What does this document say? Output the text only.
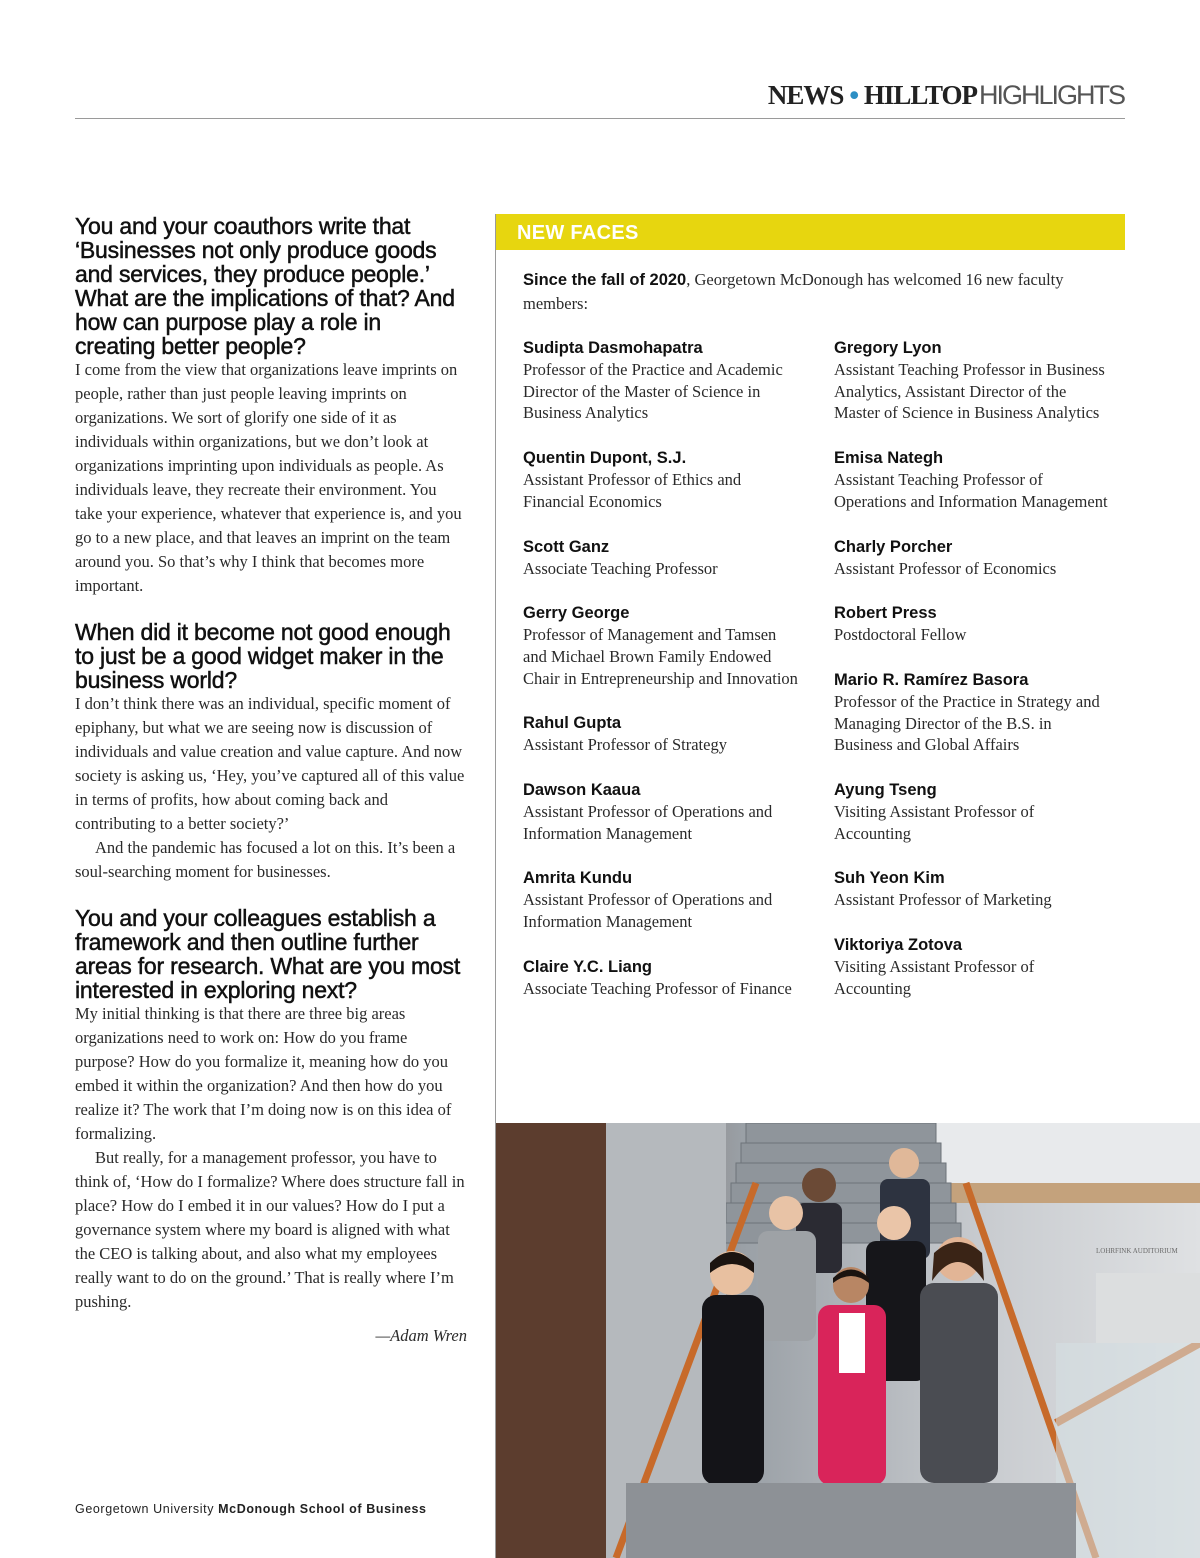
NEWS • HILLTOP HIGHLIGHTS
You and your coauthors write that ‘Businesses not only produce goods and services, they produce people.’ What are the implications of that? And how can purpose play a role in creating better people?

I come from the view that organizations leave imprints on people, rather than just people leaving imprints on organizations. We sort of glorify one side of it as individuals within organizations, but we don’t look at organizations imprinting upon individuals as people. As individuals leave, they recreate their environment. You take your experience, whatever that experience is, and you go to a new place, and that leaves an imprint on the team around you. So that’s why I think that becomes more important.

When did it become not good enough to just be a good widget maker in the business world?

I don’t think there was an individual, specific moment of epiphany, but what we are seeing now is discussion of individuals and value creation and value capture. And now society is asking us, ‘Hey, you’ve captured all of this value in terms of profits, how about coming back and contributing to a better society?’

And the pandemic has focused a lot on this. It’s been a soul-searching moment for businesses.

You and your colleagues establish a framework and then outline further areas for research. What are you most interested in exploring next?

My initial thinking is that there are three big areas organizations need to work on: How do you frame purpose? How do you formalize it, meaning how do you embed it within the organization? And then how do you realize it? The work that I’m doing now is on this idea of formalizing.

But really, for a management professor, you have to think of, ‘How do I formalize? Where does structure fall in place? How do I embed it in our values? How do I put a governance system where my board is aligned with what the CEO is talking about, and also what my employees really want to do on the ground.’ That is really where I’m pushing.

—Adam Wren
Georgetown University McDonough School of Business
NEW FACES
Since the fall of 2020, Georgetown McDonough has welcomed 16 new faculty members:
Sudipta Dasmohapatra
Professor of the Practice and Academic Director of the Master of Science in Business Analytics
Quentin Dupont, S.J.
Assistant Professor of Ethics and Financial Economics
Scott Ganz
Associate Teaching Professor
Gerry George
Professor of Management and Tamsen and Michael Brown Family Endowed Chair in Entrepreneurship and Innovation
Rahul Gupta
Assistant Professor of Strategy
Dawson Kaaua
Assistant Professor of Operations and Information Management
Amrita Kundu
Assistant Professor of Operations and Information Management
Claire Y.C. Liang
Associate Teaching Professor of Finance
Gregory Lyon
Assistant Teaching Professor in Business Analytics, Assistant Director of the Master of Science in Business Analytics
Emisa Nategh
Assistant Teaching Professor of Operations and Information Management
Charly Porcher
Assistant Professor of Economics
Robert Press
Postdoctoral Fellow
Mario R. Ramírez Basora
Professor of the Practice in Strategy and Managing Director of the B.S. in Business and Global Affairs
Ayung Tseng
Visiting Assistant Professor of Accounting
Suh Yeon Kim
Assistant Professor of Marketing
Viktoriya Zotova
Visiting Assistant Professor of Accounting
LOHRFINK AUDITORIUM
